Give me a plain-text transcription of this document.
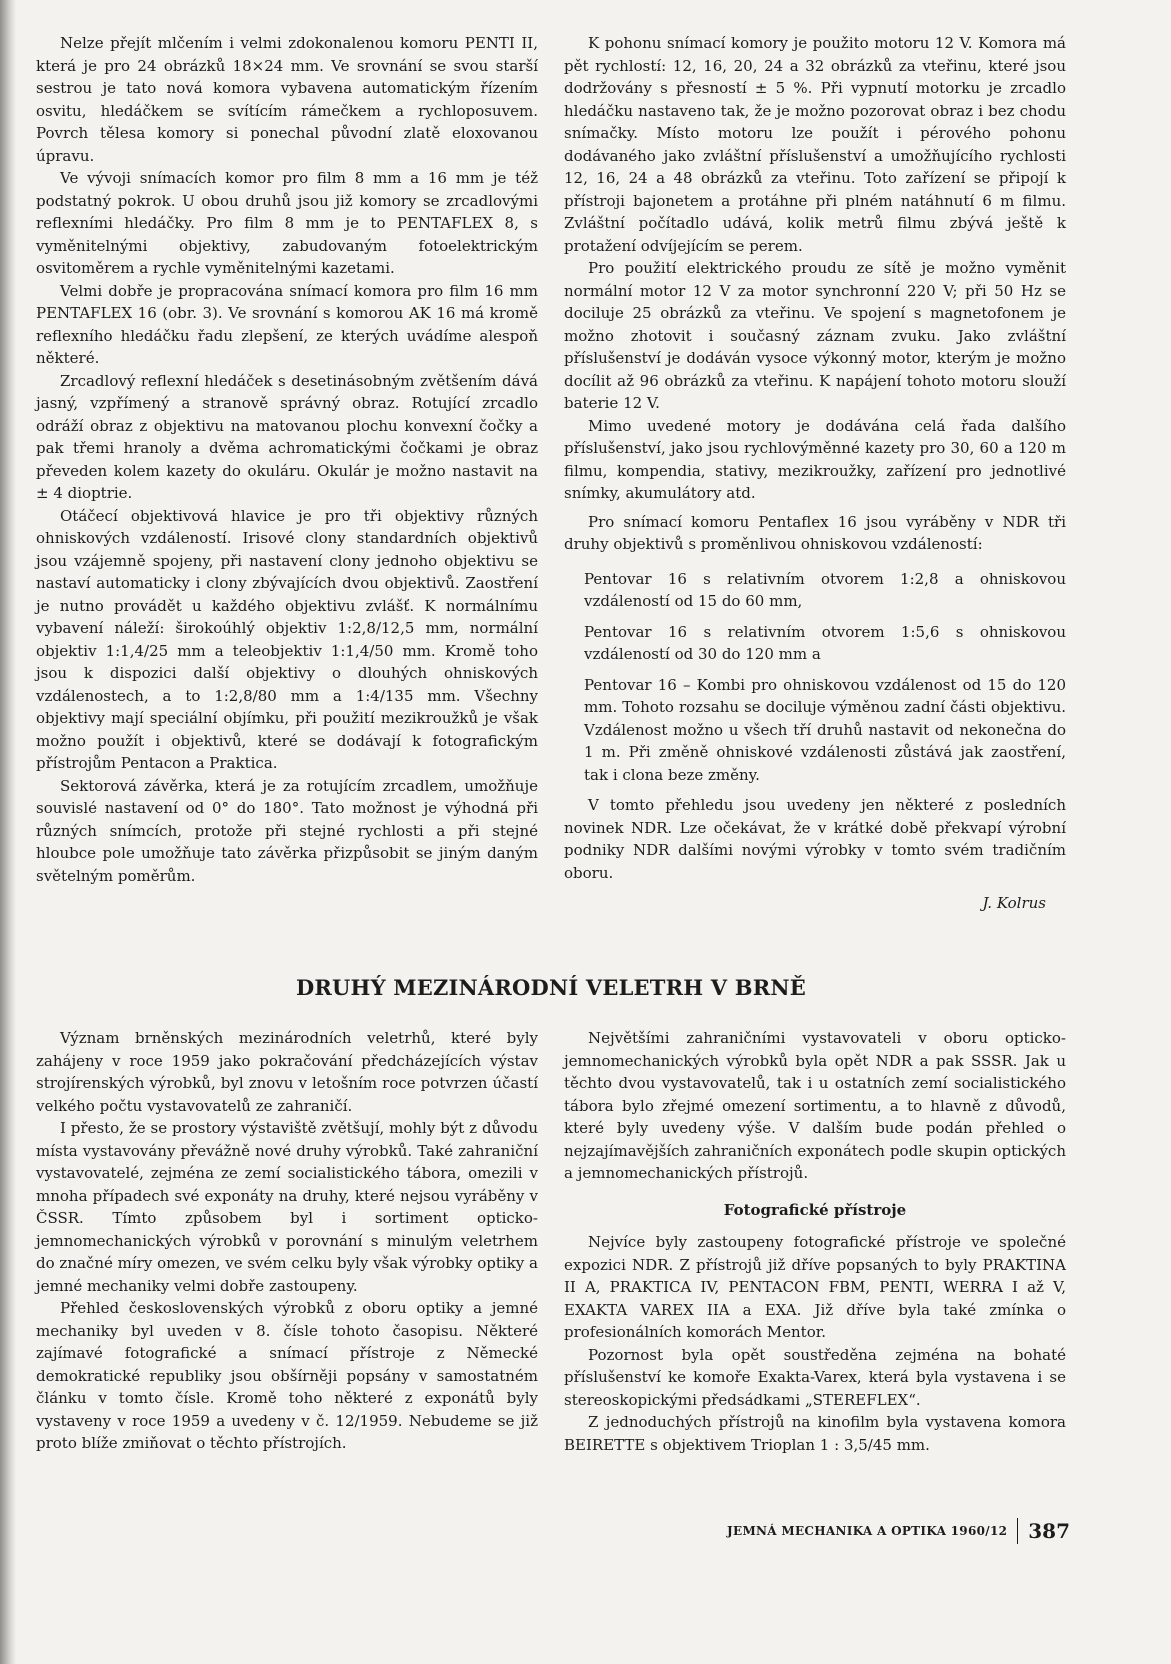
Nelze přejít mlčením i velmi zdokonalenou komoru PENTI II, která je pro 24 obrázků 18×24 mm. Ve srovnání se svou starší sestrou je tato nová komora vybavena automatickým řízením osvitu, hledáčkem se svítícím rámečkem a rychloposuvem. Povrch tělesa komory si ponechal původní zlatě eloxovanou úpravu.

Ve vývoji snímacích komor pro film 8 mm a 16 mm je též podstatný pokrok. U obou druhů jsou již komory se zrcadlovými reflexními hledáčky. Pro film 8 mm je to PENTAFLEX 8, s vyměnitelnými objektivy, zabudovaným fotoelektrickým osvitoměrem a rychle vyměnitelnými kazetami.

Velmi dobře je propracována snímací komora pro film 16 mm PENTAFLEX 16 (obr. 3). Ve srovnání s komorou AK 16 má kromě reflexního hledáčku řadu zlepšení, ze kterých uvádíme alespoň některé.

Zrcadlový reflexní hledáček s desetinásobným zvětšením dává jasný, vzpřímený a stranově správný obraz. Rotující zrcadlo odráží obraz z objektivu na matovanou plochu konvexní čočky a pak třemi hranoly a dvěma achromatickými čočkami je obraz převeden kolem kazety do okuláru. Okulár je možno nastavit na ± 4 dioptrie.

Otáčecí objektivová hlavice je pro tři objektivy různých ohniskových vzdáleností. Irisové clony standardních objektivů jsou vzájemně spojeny, při nastavení clony jednoho objektivu se nastaví automaticky i clony zbývajících dvou objektivů. Zaostření je nutno provádět u každého objektivu zvlášť. K normálnímu vybavení náleží: širokoúhlý objektiv 1:2,8/12,5 mm, normální objektiv 1:1,4/25 mm a teleobjektiv 1:1,4/50 mm. Kromě toho jsou k dispozici další objektivy o dlouhých ohniskových vzdálenostech, a to 1:2,8/80 mm a 1:4/135 mm. Všechny objektivy mají speciální objímku, při použití mezikroužků je však možno použít i objektivů, které se dodávají k fotografickým přístrojům Pentacon a Praktica.

Sektorová závěrka, která je za rotujícím zrcadlem, umožňuje souvislé nastavení od 0° do 180°. Tato možnost je výhodná při různých snímcích, protože při stejné rychlosti a při stejné hloubce pole umožňuje tato závěrka přizpůsobit se jiným daným světelným poměrům.

K pohonu snímací komory je použito motoru 12 V. Komora má pět rychlostí: 12, 16, 20, 24 a 32 obrázků za vteřinu, které jsou dodržovány s přesností ± 5 %. Při vypnutí motorku je zrcadlo hledáčku nastaveno tak, že je možno pozorovat obraz i bez chodu snímačky. Místo motoru lze použít i pérového pohonu dodávaného jako zvláštní příslušenství a umožňujícího rychlosti 12, 16, 24 a 48 obrázků za vteřinu. Toto zařízení se připojí k přístroji bajonetem a protáhne při plném natáhnutí 6 m filmu. Zvláštní počítadlo udává, kolik metrů filmu zbývá ještě k protažení odvíjejícím se perem.

Pro použití elektrického proudu ze sítě je možno vyměnit normální motor 12 V za motor synchronní 220 V; při 50 Hz se dociluje 25 obrázků za vteřinu. Ve spojení s magnetofonem je možno zhotovit i současný záznam zvuku. Jako zvláštní příslušenství je dodáván vysoce výkonný motor, kterým je možno docílit až 96 obrázků za vteřinu. K napájení tohoto motoru slouží baterie 12 V.

Mimo uvedené motory je dodávána celá řada dalšího příslušenství, jako jsou rychlovýměnné kazety pro 30, 60 a 120 m filmu, kompendia, stativy, mezikroužky, zařízení pro jednotlivé snímky, akumulátory atd.

Pro snímací komoru Pentaflex 16 jsou vyráběny v NDR tři druhy objektivů s proměnlivou ohniskovou vzdáleností:

Pentovar 16 s relativním otvorem 1:2,8 a ohniskovou vzdáleností od 15 do 60 mm,

Pentovar 16 s relativním otvorem 1:5,6 s ohniskovou vzdáleností od 30 do 120 mm a

Pentovar 16 – Kombi pro ohniskovou vzdálenost od 15 do 120 mm. Tohoto rozsahu se dociluje výměnou zadní části objektivu. Vzdálenost možno u všech tří druhů nastavit od nekonečna do 1 m. Při změně ohniskové vzdálenosti zůstává jak zaostření, tak i clona beze změny.

V tomto přehledu jsou uvedeny jen některé z posledních novinek NDR. Lze očekávat, že v krátké době překvapí výrobní podniky NDR dalšími novými výrobky v tomto svém tradičním oboru.

J. Kolrus
DRUHÝ MEZINÁRODNÍ VELETRH V BRNĚ

Význam brněnských mezinárodních veletrhů, které byly zahájeny v roce 1959 jako pokračování předcházejících výstav strojírenských výrobků, byl znovu v letošním roce potvrzen účastí velkého počtu vystavovatelů ze zahraničí.

I přesto, že se prostory výstaviště zvětšují, mohly být z důvodu místa vystavovány převážně nové druhy výrobků. Také zahraniční vystavovatelé, zejména ze zemí socialistického tábora, omezili v mnoha případech své exponáty na druhy, které nejsou vyráběny v ČSSR. Tímto způsobem byl i sortiment opticko-jemnomechanických výrobků v porovnání s minulým veletrhem do značné míry omezen, ve svém celku byly však výrobky optiky a jemné mechaniky velmi dobře zastoupeny.

Přehled československých výrobků z oboru optiky a jemné mechaniky byl uveden v 8. čísle tohoto časopisu. Některé zajímavé fotografické a snímací přístroje z Německé demokratické republiky jsou obšírněji popsány v samostatném článku v tomto čísle. Kromě toho některé z exponátů byly vystaveny v roce 1959 a uvedeny v č. 12/1959. Nebudeme se již proto blíže zmiňovat o těchto přístrojích.

Největšími zahraničními vystavovateli v oboru opticko-jemnomechanických výrobků byla opět NDR a pak SSSR. Jak u těchto dvou vystavovatelů, tak i u ostatních zemí socialistického tábora bylo zřejmé omezení sortimentu, a to hlavně z důvodů, které byly uvedeny výše. V dalším bude podán přehled o nejzajímavějších zahraničních exponátech podle skupin optických a jemnomechanických přístrojů.

Fotografické přístroje

Nejvíce byly zastoupeny fotografické přístroje ve společné expozici NDR. Z přístrojů již dříve popsaných to byly PRAKTINA II A, PRAKTICA IV, PENTACON FBM, PENTI, WERRA I až V, EXAKTA VAREX IIA a EXA. Již dříve byla také zmínka o profesionálních komorách Mentor.

Pozornost byla opět soustředěna zejména na bohaté příslušenství ke komoře Exakta-Varex, která byla vystavena i se stereoskopickými předsádkami „STEREFLEX“.

Z jednoduchých přístrojů na kinofilm byla vystavena komora BEIRETTE s objektivem Trioplan 1 : 3,5/45 mm.

JEMNÁ MECHANIKA A OPTIKA 1960/12 387
